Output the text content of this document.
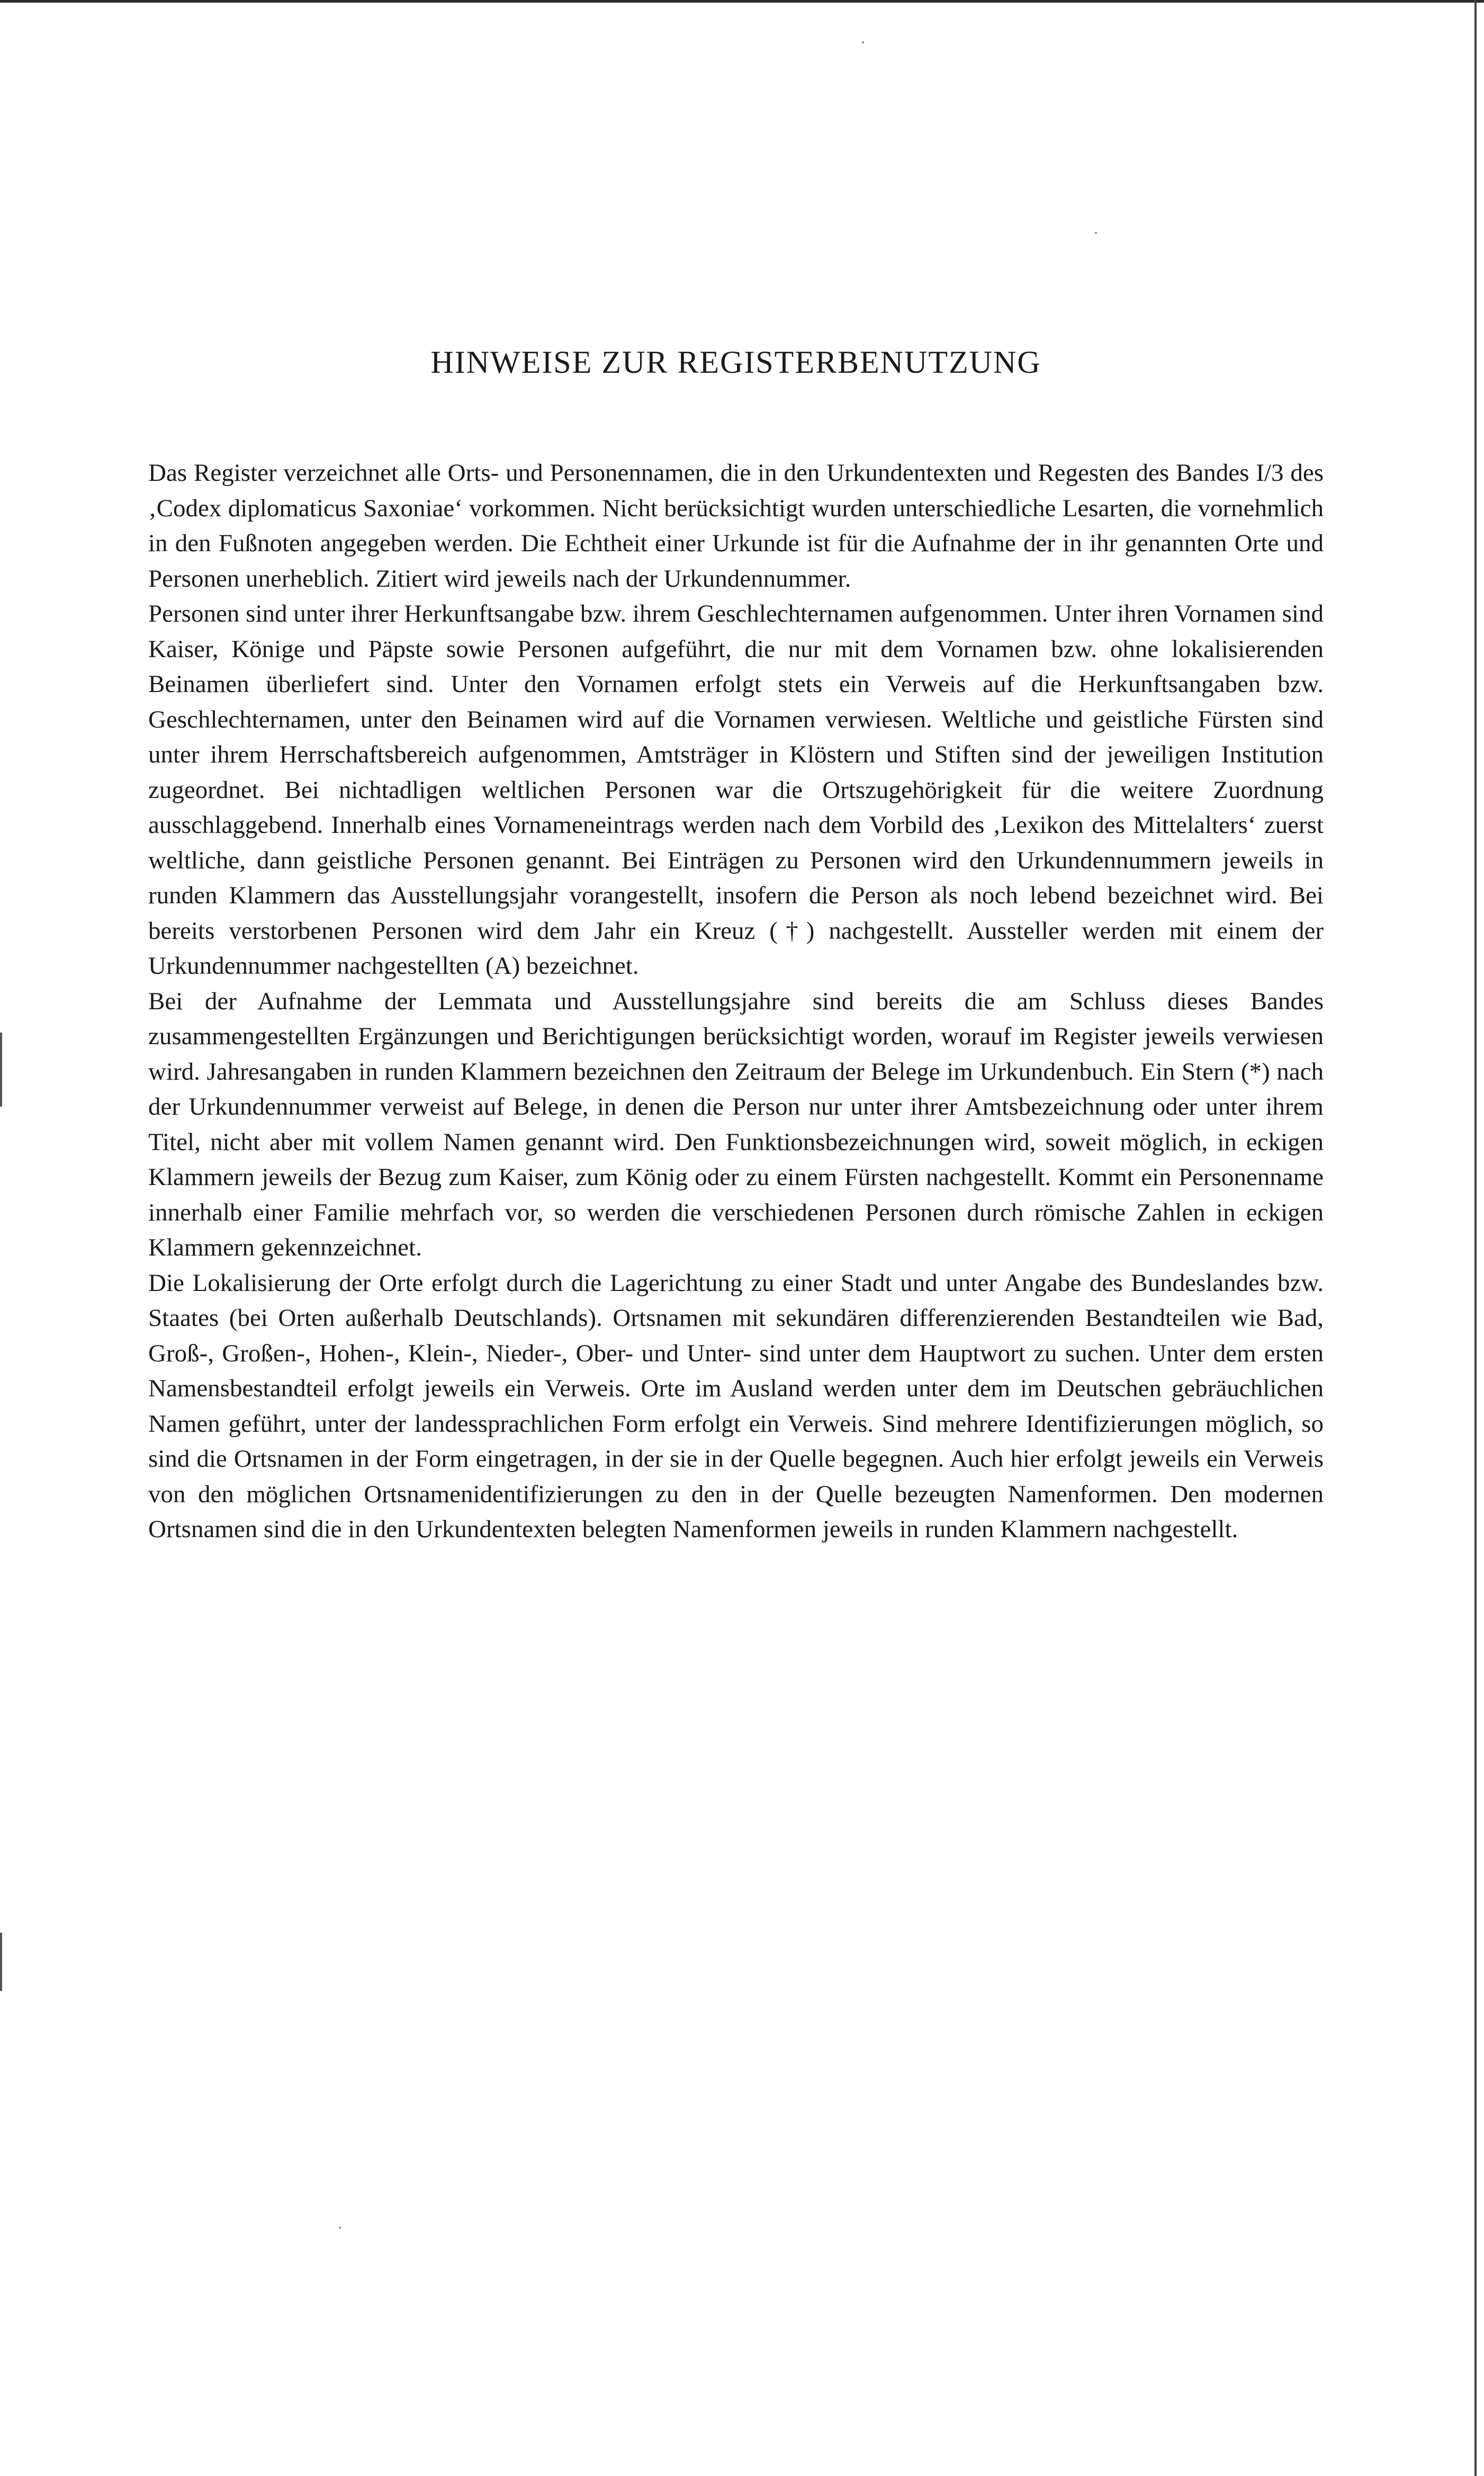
HINWEISE ZUR REGISTERBENUTZUNG

Das Register verzeichnet alle Orts- und Personennamen, die in den Urkundentexten und Regesten des Bandes I/3 des ‚Codex diplomaticus Saxoniae‘ vorkommen. Nicht berücksichtigt wurden unterschiedliche Lesarten, die vornehmlich in den Fußnoten angegeben werden. Die Echtheit einer Urkunde ist für die Aufnahme der in ihr genannten Orte und Personen unerheblich. Zitiert wird jeweils nach der Urkundennummer.

Personen sind unter ihrer Herkunftsangabe bzw. ihrem Geschlechternamen aufgenommen. Unter ihren Vornamen sind Kaiser, Könige und Päpste sowie Personen aufgeführt, die nur mit dem Vornamen bzw. ohne lokalisierenden Beinamen überliefert sind. Unter den Vornamen erfolgt stets ein Verweis auf die Herkunftsangaben bzw. Geschlechternamen, unter den Beinamen wird auf die Vornamen verwiesen. Weltliche und geistliche Fürsten sind unter ihrem Herrschaftsbereich aufgenommen, Amtsträger in Klöstern und Stiften sind der jeweiligen Institution zugeordnet. Bei nichtadligen weltlichen Personen war die Ortszugehörigkeit für die weitere Zuordnung ausschlaggebend. Innerhalb eines Vornameneintrags werden nach dem Vorbild des ‚Lexikon des Mittelalters‘ zuerst weltliche, dann geistliche Personen genannt. Bei Einträgen zu Personen wird den Urkundennummern jeweils in runden Klammern das Ausstellungsjahr vorangestellt, insofern die Person als noch lebend bezeichnet wird. Bei bereits verstorbenen Personen wird dem Jahr ein Kreuz (†) nachgestellt. Aussteller werden mit einem der Urkundennummer nachgestellten (A) bezeichnet.

Bei der Aufnahme der Lemmata und Ausstellungsjahre sind bereits die am Schluss dieses Bandes zusammengestellten Ergänzungen und Berichtigungen berücksichtigt worden, worauf im Register jeweils verwiesen wird. Jahresangaben in runden Klammern bezeichnen den Zeitraum der Belege im Urkundenbuch. Ein Stern (*) nach der Urkundennummer verweist auf Belege, in denen die Person nur unter ihrer Amtsbezeichnung oder unter ihrem Titel, nicht aber mit vollem Namen genannt wird. Den Funktionsbezeichnungen wird, soweit möglich, in eckigen Klammern jeweils der Bezug zum Kaiser, zum König oder zu einem Fürsten nachgestellt. Kommt ein Personenname innerhalb einer Familie mehrfach vor, so werden die verschiedenen Personen durch römische Zahlen in eckigen Klammern gekennzeichnet.

Die Lokalisierung der Orte erfolgt durch die Lagerichtung zu einer Stadt und unter Angabe des Bundeslandes bzw. Staates (bei Orten außerhalb Deutschlands). Ortsnamen mit sekundären differenzierenden Bestandteilen wie Bad, Groß-, Großen-, Hohen-, Klein-, Nieder-, Ober- und Unter- sind unter dem Hauptwort zu suchen. Unter dem ersten Namensbestandteil erfolgt jeweils ein Verweis. Orte im Ausland werden unter dem im Deutschen gebräuchlichen Namen geführt, unter der landessprachlichen Form erfolgt ein Verweis. Sind mehrere Identifizierungen möglich, so sind die Ortsnamen in der Form eingetragen, in der sie in der Quelle begegnen. Auch hier erfolgt jeweils ein Verweis von den möglichen Ortsnamenidentifizierungen zu den in der Quelle bezeugten Namenformen. Den modernen Ortsnamen sind die in den Urkundentexten belegten Namenformen jeweils in runden Klammern nachgestellt.
